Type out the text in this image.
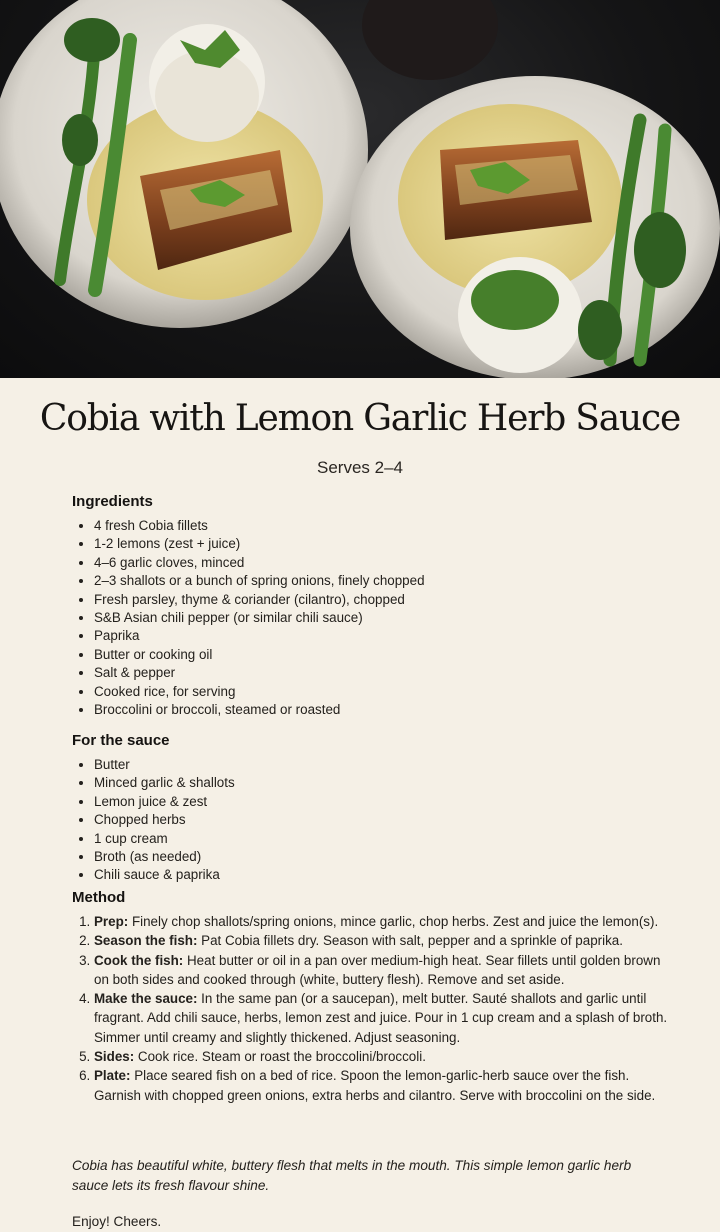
Cobia with Lemon Garlic Herb Sauce
Serves 2–4
Ingredients
• 4 fresh Cobia fillets
• 1-2 lemons (zest + juice)
• 4–6 garlic cloves, minced
• 2–3 shallots or a bunch of spring onions, finely chopped
• Fresh parsley, thyme & coriander (cilantro), chopped
• S&B Asian chili pepper (or similar chili sauce)
• Paprika
• Butter or cooking oil
• Salt & pepper
• Cooked rice, for serving
• Broccolini or broccoli, steamed or roasted
For the sauce
• Butter
• Minced garlic & shallots
• Lemon juice & zest
• Chopped herbs
• 1 cup cream
• Broth (as needed)
• Chili sauce & paprika
Method
1. Prep: Finely chop shallots/spring onions, mince garlic, chop herbs. Zest and juice the lemon(s).
2. Season the fish: Pat Cobia fillets dry. Season with salt, pepper and a sprinkle of paprika.
3. Cook the fish: Heat butter or oil in a pan over medium-high heat. Sear fillets until golden brown on both sides and cooked through (white, buttery flesh). Remove and set aside.
4. Make the sauce: In the same pan (or a saucepan), melt butter. Sauté shallots and garlic until fragrant. Add chili sauce, herbs, lemon zest and juice. Pour in 1 cup cream and a splash of broth. Simmer until creamy and slightly thickened. Adjust seasoning.
5. Sides: Cook rice. Steam or roast the broccolini/broccoli.
6. Plate: Place seared fish on a bed of rice. Spoon the lemon-garlic-herb sauce over the fish. Garnish with chopped green onions, extra herbs and cilantro. Serve with broccolini on the side.
Cobia has beautiful white, buttery flesh that melts in the mouth. This simple lemon garlic herb sauce lets its fresh flavour shine.
Enjoy! Cheers.
